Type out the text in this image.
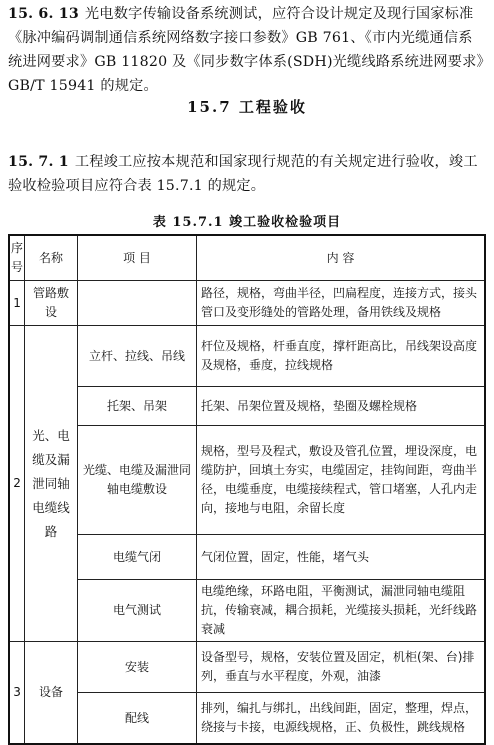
15. 6. 13 光电数字传输设备系统测试，应符合设计规定及现行国家标准《脉冲编码调制通信系统网络数字接口参数》GB 761、《市内光缆通信系统进网要求》GB 11820 及《同步数字体系(SDH)光缆线路系统进网要求》GB/T 15941 的规定。
15.7 工程验收
15. 7. 1 工程竣工应按本规范和国家现行规范的有关规定进行验收，竣工验收检验项目应符合表 15.7.1 的规定。
表 15.7.1 竣工验收检验项目
序号	名称	项 目	内 容
1	管路敷设		路径，规格，弯曲半径，凹扁程度，连接方式，接头管口及变形缝处的管路处理，备用铁线及规格
2	光、电缆及漏泄同轴电缆线路	立杆、拉线、吊线	杆位及规格，杆垂直度，撑杆距高比，吊线架设高度及规格，垂度，拉线规格
		托架、吊架	托架、吊架位置及规格，垫圈及螺栓规格
		光缆、电缆及漏泄同轴电缆敷设	规格，型号及程式，敷设及管孔位置，埋设深度，电缆防护，回填土夯实，电缆固定，挂钩间距，弯曲半径，电缆垂度，电缆接续程式，管口堵塞，人孔内走向，接地与电阻，余留长度
		电缆气闭	气闭位置，固定，性能，堵气头
		电气测试	电缆绝缘，环路电阻，平衡测试，漏泄同轴电缆阻抗，传输衰减，耦合损耗，光缆接头损耗，光纤线路衰减
3	设备	安装	设备型号，规格，安装位置及固定，机柜(架、台)排列，垂直与水平程度，外观，油漆
		配线	排列，编扎与绑扎，出线间距，固定，整理，焊点，绕接与卡接，电源线规格，正、负极性，跳线规格
